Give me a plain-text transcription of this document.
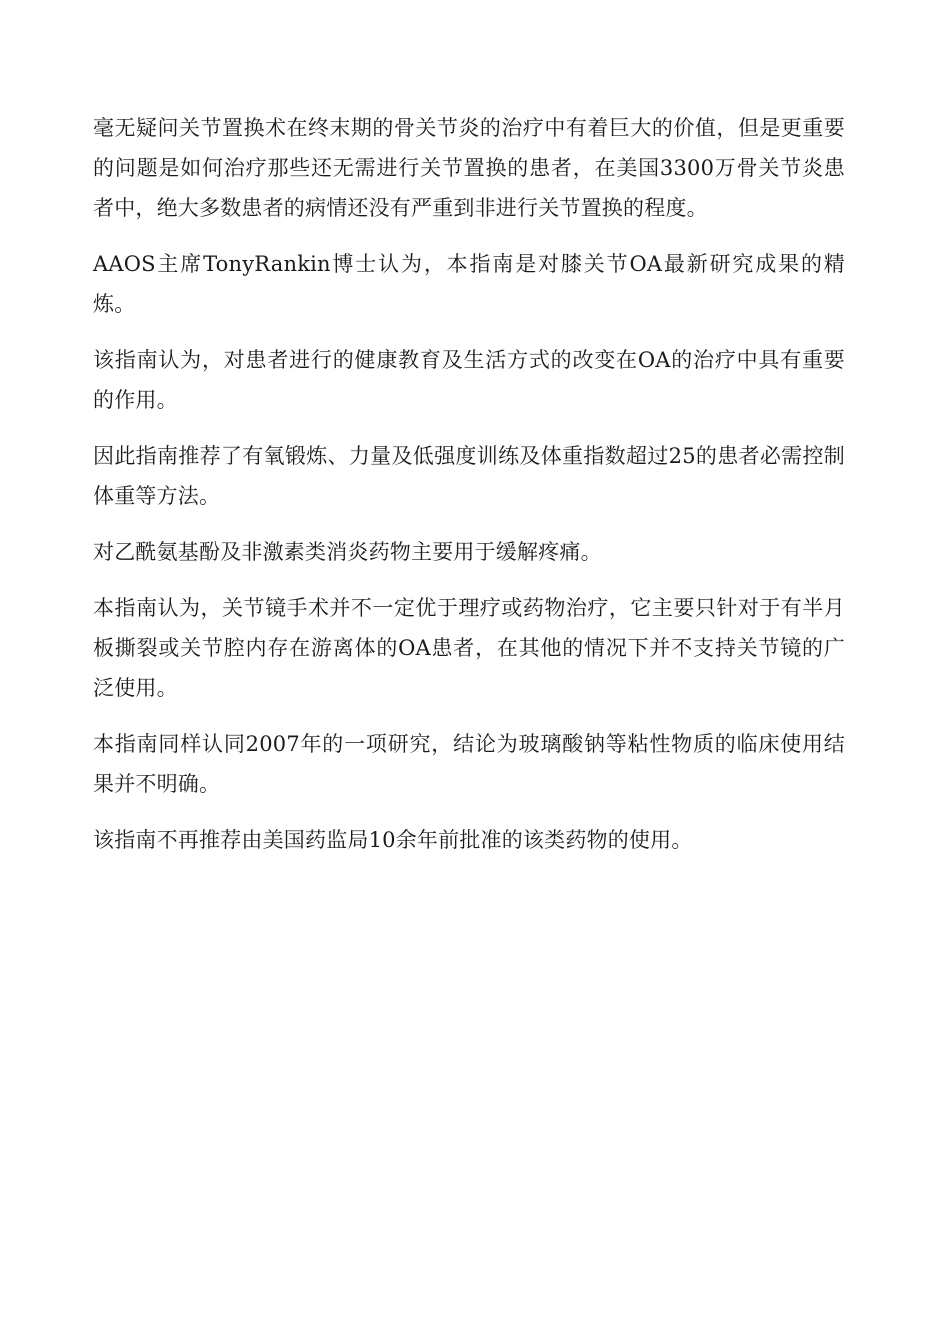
毫无疑问关节置换术在终末期的骨关节炎的治疗中有着巨大的价值，但是更重要的问题是如何治疗那些还无需进行关节置换的患者，在美国3300万骨关节炎患者中，绝大多数患者的病情还没有严重到非进行关节置换的程度。

AAOS主席TonyRankin博士认为，本指南是对膝关节OA最新研究成果的精炼。

该指南认为，对患者进行的健康教育及生活方式的改变在OA的治疗中具有重要的作用。

因此指南推荐了有氧锻炼、力量及低强度训练及体重指数超过25的患者必需控制体重等方法。

对乙酰氨基酚及非激素类消炎药物主要用于缓解疼痛。

本指南认为，关节镜手术并不一定优于理疗或药物治疗，它主要只针对于有半月板撕裂或关节腔内存在游离体的OA患者，在其他的情况下并不支持关节镜的广泛使用。

本指南同样认同2007年的一项研究，结论为玻璃酸钠等粘性物质的临床使用结果并不明确。

该指南不再推荐由美国药监局10余年前批准的该类药物的使用。
